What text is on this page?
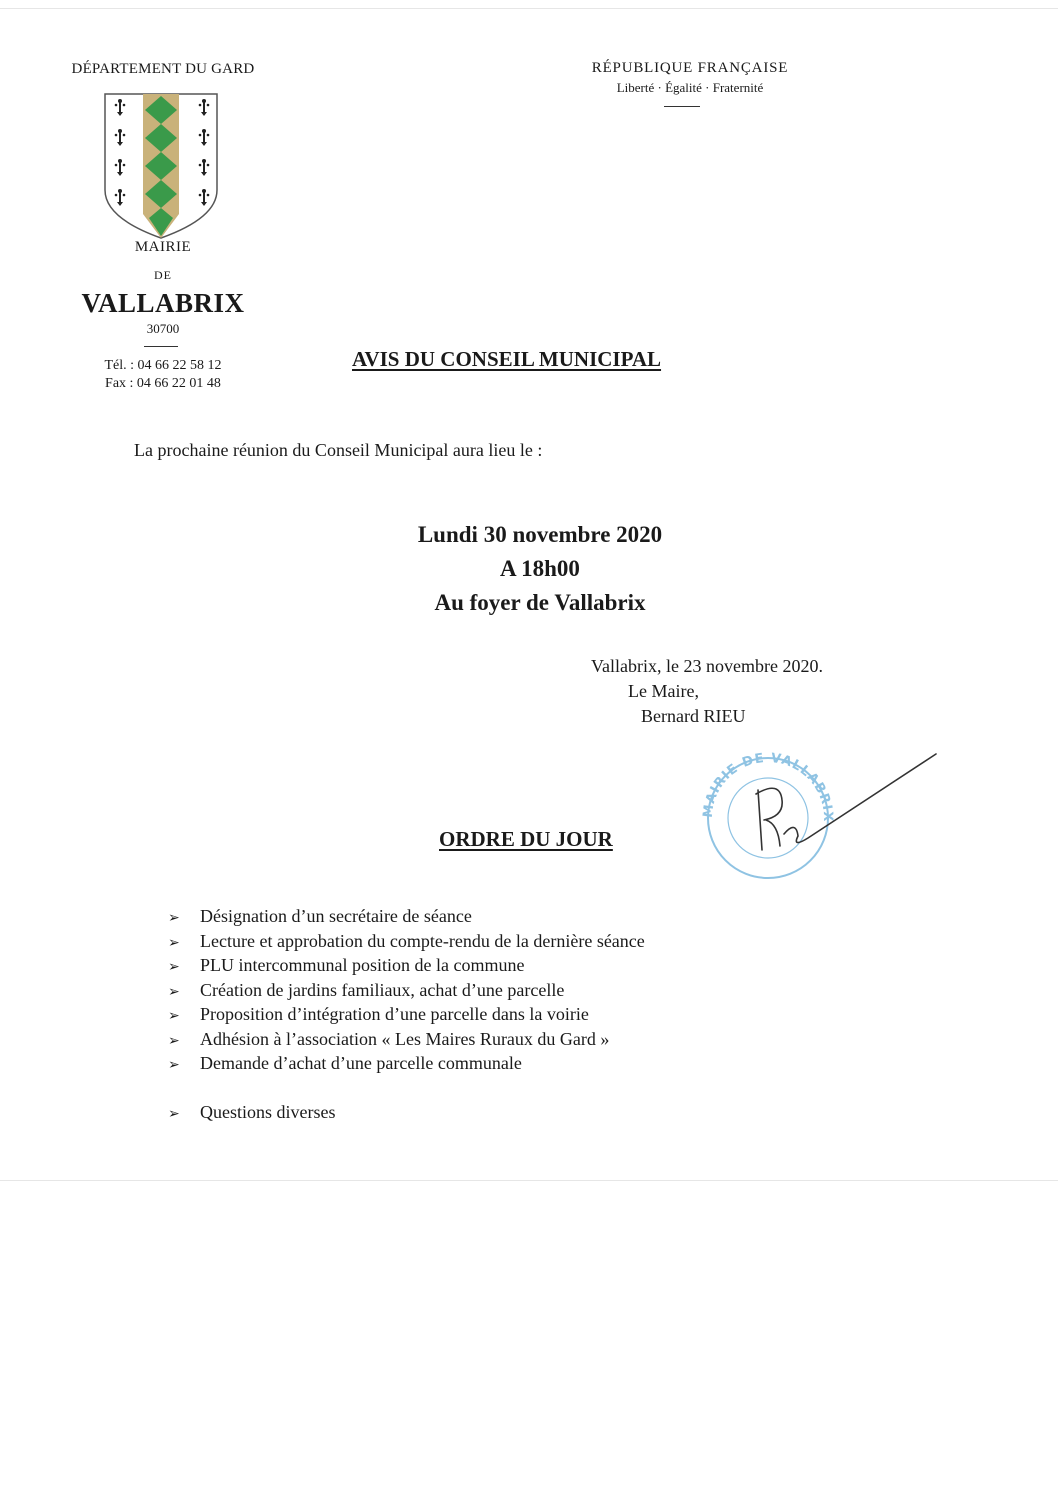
DÉPARTEMENT DU GARD
MAIRIE
DE
VALLABRIX
30700
Tél. : 04 66 22 58 12
Fax : 04 66 22 01 48
RÉPUBLIQUE FRANÇAISE
Liberté · Égalité · Fraternité
AVIS DU CONSEIL MUNICIPAL
La prochaine réunion du Conseil Municipal aura lieu le :
Lundi 30 novembre 2020
A 18h00
Au foyer de Vallabrix
Vallabrix, le 23 novembre 2020.
Le Maire,
Bernard RIEU
MAIRIE DE VALLABRIX
ORDRE DU JOUR
➢ Désignation d’un secrétaire de séance
➢ Lecture et approbation du compte-rendu de la dernière séance
➢ PLU intercommunal position de la commune
➢ Création de jardins familiaux, achat d’une parcelle
➢ Proposition d’intégration d’une parcelle dans la voirie
➢ Adhésion à l’association « Les Maires Ruraux du Gard »
➢ Demande d’achat d’une parcelle communale
➢ Questions diverses
